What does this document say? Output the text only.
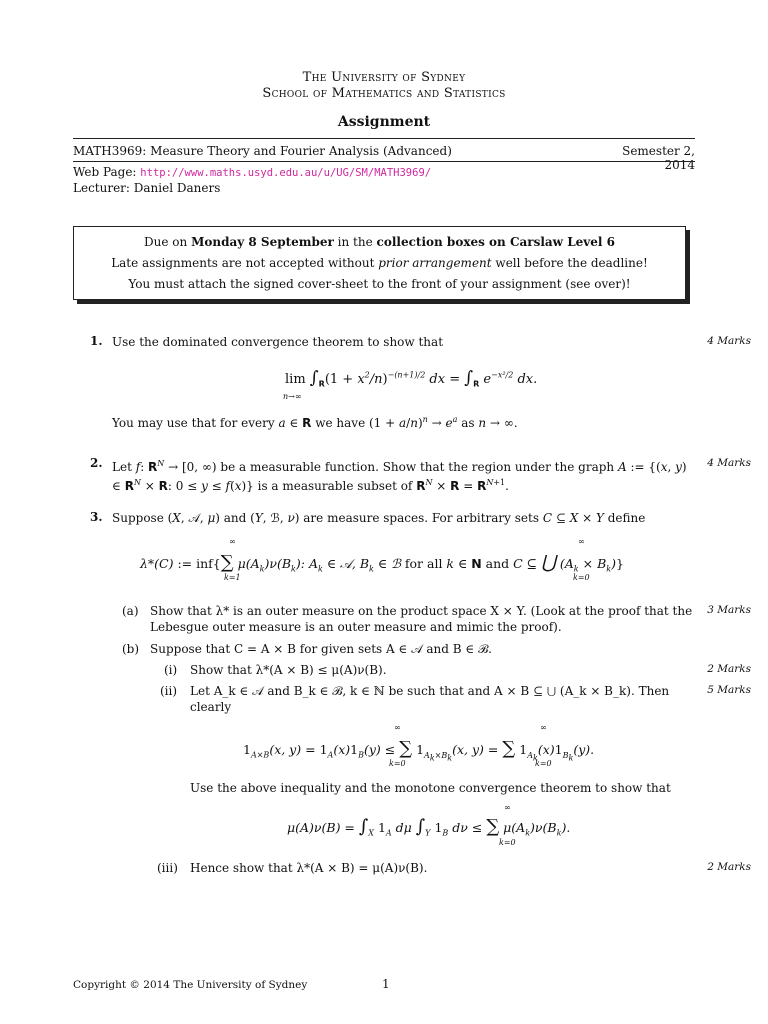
The University of Sydney
School of Mathematics and Statistics
Assignment
MATH3969: Measure Theory and Fourier Analysis (Advanced)	Semester 2, 2014
Web Page: http://www.maths.usyd.edu.au/u/UG/SM/MATH3969/
Lecturer: Daniel Daners
Due on Monday 8 September in the collection boxes on Carslaw Level 6
Late assignments are not accepted without prior arrangement well before the deadline!
You must attach the signed cover-sheet to the front of your assignment (see over)!
1. Use the dominated convergence theorem to show that	4 Marks
$\lim \int_R(1 + x^2/n)^{-(n+1)/2}$ dx = $\int_R$ $e^{-x^2/2}$ dx.
n→∞
You may use that for every a ∈ R we have $(1 + a/n)^n \to e^a$ as n → ∞.
2. Let f: $R^N \to [0$, ∞) be a measurable function. Show that the region under the graph A := {(x, y) ∈ $R^N \times R$: 0 ≤ y ≤ f(x)} is a measurable subset of $R^N \times R = R^{N+1}$.
4 Marks
3. Suppose (X, 𝒜, μ) and (Y, ℬ, ν) are measure spaces. For arbitrary sets C ⊆ X × Y define
λ*(C) := inf{∑ $\mu(A_k)\nu(B_k)$: $A_k$ ∈ 𝒜, $B_k$ ∈ ℬ for all k ∈ N and C ⊆ ⋃ $(A_k \times B_k)$}
∞
k=1
∞
k=0
(a) Show that λ* is an outer measure on the product space X × Y. (Look at the proof that the Lebesgue outer measure is an outer measure and mimic the proof).
3 Marks
(b) Suppose that C = A × B for given sets A ∈ 𝒜 and B ∈ ℬ.
(i) Show that λ*(A × B) ≤ μ(A)ν(B).	2 Marks
(ii) Let A_k ∈ 𝒜 and B_k ∈ ℬ, k ∈ ℕ be such that and A × B ⊆ ⋃ (A_k × B_k). Then clearly
5 Marks
$1_{A\times B}(x$, $y) = 1_A(x)1_B(y)$ ≤ ∑ $1_{A_k\times B_k}(x$, y) = ∑ $1_{A_k}(x)1_{B_k}(y)$.
∞
k=0
∞
k=0
Use the above inequality and the monotone convergence theorem to show that
$\mu(A)\nu(B) = \int_X$ $1_A$ dμ $\int_Y$ $1_B$ dν ≤ ∑ $\mu(A_k)\nu(B_k)$.
∞
k=0
(iii) Hence show that λ*(A × B) = μ(A)ν(B).	2 Marks
Copyright © 2014 The University of Sydney	1
